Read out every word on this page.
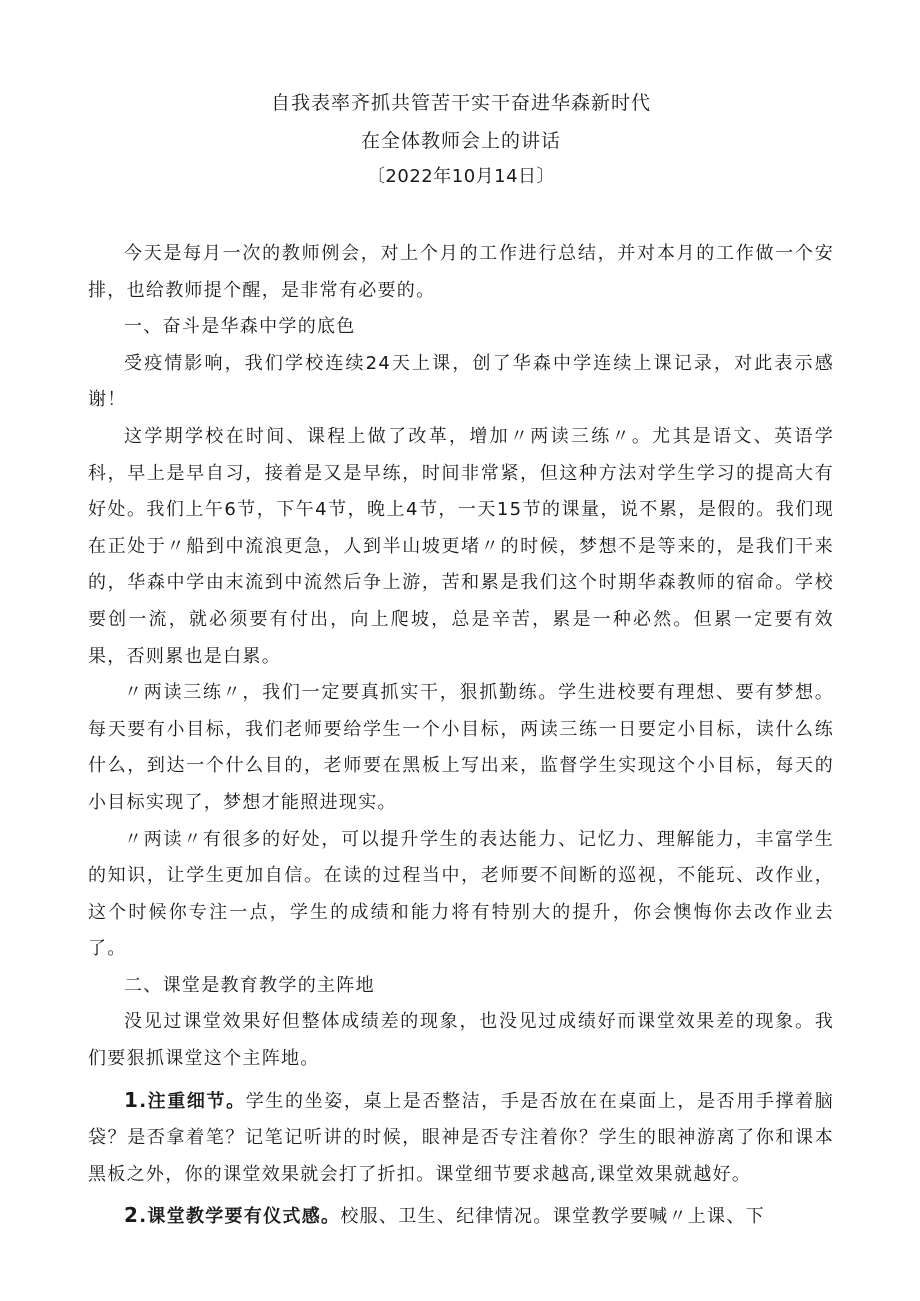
自我表率齐抓共管苦干实干奋进华森新时代
在全体教师会上的讲话
〔2022年10月14日〕

今天是每月一次的教师例会，对上个月的工作进行总结，并对本月的工作做一个安排，也给教师提个醒，是非常有必要的。

一、奋斗是华森中学的底色

受疫情影响，我们学校连续24天上课，创了华森中学连续上课记录，对此表示感谢！

这学期学校在时间、课程上做了改革，增加〃两读三练〃。尤其是语文、英语学科，早上是早自习，接着是又是早练，时间非常紧，但这种方法对学生学习的提高大有好处。我们上午6节，下午4节，晚上4节，一天15节的课量，说不累，是假的。我们现在正处于〃船到中流浪更急，人到半山坡更堵〃的时候，梦想不是等来的，是我们干来的，华森中学由末流到中流然后争上游，苦和累是我们这个时期华森教师的宿命。学校要创一流，就必须要有付出，向上爬坡，总是辛苦，累是一种必然。但累一定要有效果，否则累也是白累。

〃两读三练〃，我们一定要真抓实干，狠抓勤练。学生进校要有理想、要有梦想。每天要有小目标，我们老师要给学生一个小目标，两读三练一日要定小目标，读什么练什么，到达一个什么目的，老师要在黑板上写出来，监督学生实现这个小目标，每天的小目标实现了，梦想才能照进现实。

〃两读〃有很多的好处，可以提升学生的表达能力、记忆力、理解能力，丰富学生的知识，让学生更加自信。在读的过程当中，老师要不间断的巡视，不能玩、改作业，这个时候你专注一点，学生的成绩和能力将有特别大的提升，你会懊悔你去改作业去了。

二、课堂是教育教学的主阵地

没见过课堂效果好但整体成绩差的现象，也没见过成绩好而课堂效果差的现象。我们要狠抓课堂这个主阵地。

1.注重细节。学生的坐姿，桌上是否整洁，手是否放在在桌面上，是否用手撑着脑袋？是否拿着笔？记笔记听讲的时候，眼神是否专注着你？学生的眼神游离了你和课本黑板之外，你的课堂效果就会打了折扣。课堂细节要求越高,课堂效果就越好。

2.课堂教学要有仪式感。校服、卫生、纪律情况。课堂教学要喊〃上课、下
